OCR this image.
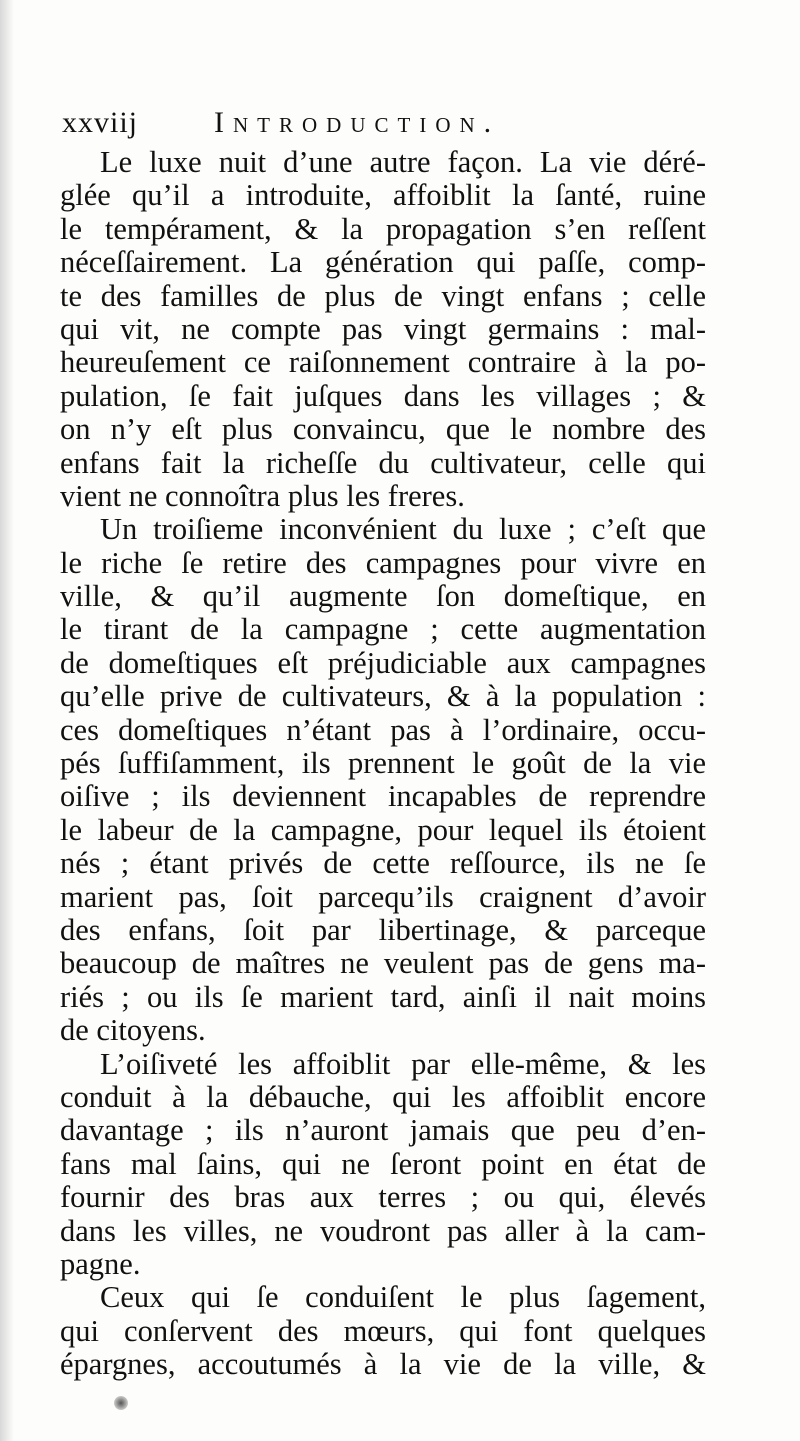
xxviij	Introduction.
Le luxe nuit d’une autre façon. La vie déré-
glée qu’il a introduite, affoiblit la ſanté, ruine
le tempérament, & la propagation s’en reſſent
néceſſairement. La génération qui paſſe, comp-
te des familles de plus de vingt enfans ; celle
qui vit, ne compte pas vingt germains : mal-
heureuſement ce raiſonnement contraire à la po-
pulation, ſe fait juſques dans les villages ; &
on n’y eſt plus convaincu, que le nombre des
enfans fait la richeſſe du cultivateur, celle qui
vient ne connoîtra plus les freres.
Un troiſieme inconvénient du luxe ; c’eſt que
le riche ſe retire des campagnes pour vivre en
ville, & qu’il augmente ſon domeſtique, en
le tirant de la campagne ; cette augmentation
de domeſtiques eſt préjudiciable aux campagnes
qu’elle prive de cultivateurs, & à la population :
ces domeſtiques n’étant pas à l’ordinaire, occu-
pés ſuffiſamment, ils prennent le goût de la vie
oiſive ; ils deviennent incapables de reprendre
le labeur de la campagne, pour lequel ils étoient
nés ; étant privés de cette reſſource, ils ne ſe
marient pas, ſoit parcequ’ils craignent d’avoir
des enfans, ſoit par libertinage, & parceque
beaucoup de maîtres ne veulent pas de gens ma-
riés ; ou ils ſe marient tard, ainſi il nait moins
de citoyens.
L’oiſiveté les affoiblit par elle-même, & les
conduit à la débauche, qui les affoiblit encore
davantage ; ils n’auront jamais que peu d’en-
fans mal ſains, qui ne ſeront point en état de
fournir des bras aux terres ; ou qui, élevés
dans les villes, ne voudront pas aller à la cam-
pagne.
Ceux qui ſe conduiſent le plus ſagement,
qui conſervent des mœurs, qui font quelques
épargnes, accoutumés à la vie de la ville, &
